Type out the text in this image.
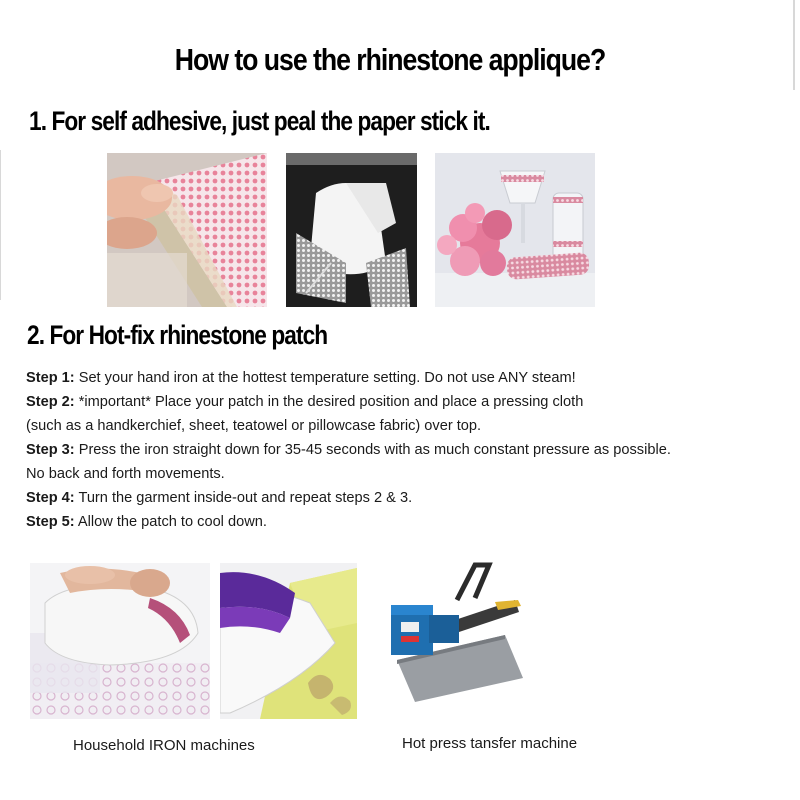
How to use the rhinestone applique?
1. For self adhesive, just peal the paper stick it.
2. For Hot-fix rhinestone patch

Step 1: Set your hand iron at the hottest temperature setting. Do not use ANY steam!

Step 2: *important* Place your patch in the desired position and place a pressing cloth

(such as a handkerchief, sheet, teatowel or pillowcase fabric) over top.

Step 3: Press the iron straight down for 35-45 seconds with as much constant pressure as possible.

No back and forth movements.

Step 4: Turn the garment inside-out and repeat steps 2 & 3.

Step 5: Allow the patch to cool down.

Household IRON machines	Hot press tansfer machine
